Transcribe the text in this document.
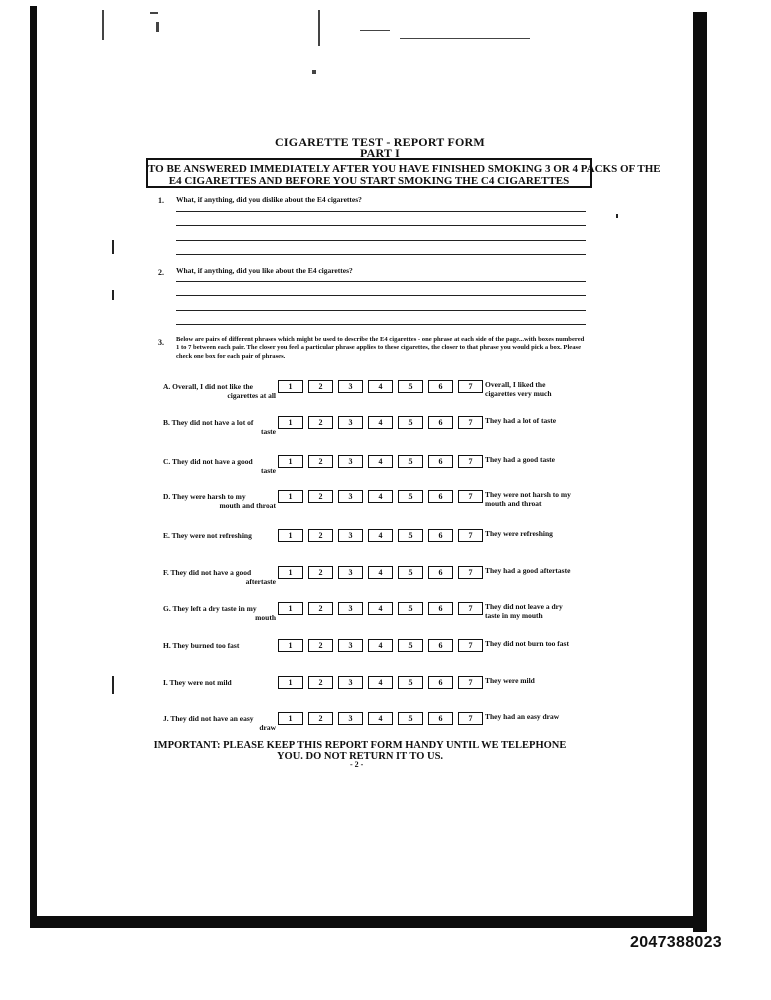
CIGARETTE TEST - REPORT FORM
PART I
TO BE ANSWERED IMMEDIATELY AFTER YOU HAVE FINISHED SMOKING 3 OR 4 PACKS OF THE
E4 CIGARETTES AND BEFORE YOU START SMOKING THE C4 CIGARETTES
1. What, if anything, did you dislike about the E4 cigarettes?
2. What, if anything, did you like about the E4 cigarettes?
3. Below are pairs of different phrases which might be used to describe the E4 cigarettes - one phrase at each side of the page...with boxes numbered 1 to 7 between each pair. The closer you feel a particular phrase applies to these cigarettes, the closer to that phrase you would pick a box. Please check one box for each pair of phrases.
A. Overall, I did not like the
cigarettes at all
1	2	3	4	5	6	7	Overall, I liked the
cigarettes very much
B. They did not have a lot of
taste
1	2	3	4	5	6	7	They had a lot of taste
C. They did not have a good
taste
1	2	3	4	5	6	7	They had a good taste
D. They were harsh to my
mouth and throat
1	2	3	4	5	6	7	They were not harsh to my
mouth and throat
E. They were not refreshing	1	2	3	4	5	6	7	They were refreshing
F. They did not have a good
aftertaste
1	2	3	4	5	6	7	They had a good aftertaste
G. They left a dry taste in my
mouth
1	2	3	4	5	6	7	They did not leave a dry
taste in my mouth
H. They burned too fast	1	2	3	4	5	6	7	They did not burn too fast
I. They were not mild	1	2	3	4	5	6	7	They were mild
J. They did not have an easy
draw
1	2	3	4	5	6	7	They had an easy draw
IMPORTANT: PLEASE KEEP THIS REPORT FORM HANDY UNTIL WE TELEPHONE
YOU. DO NOT RETURN IT TO US.
- 2 -
2047388023
